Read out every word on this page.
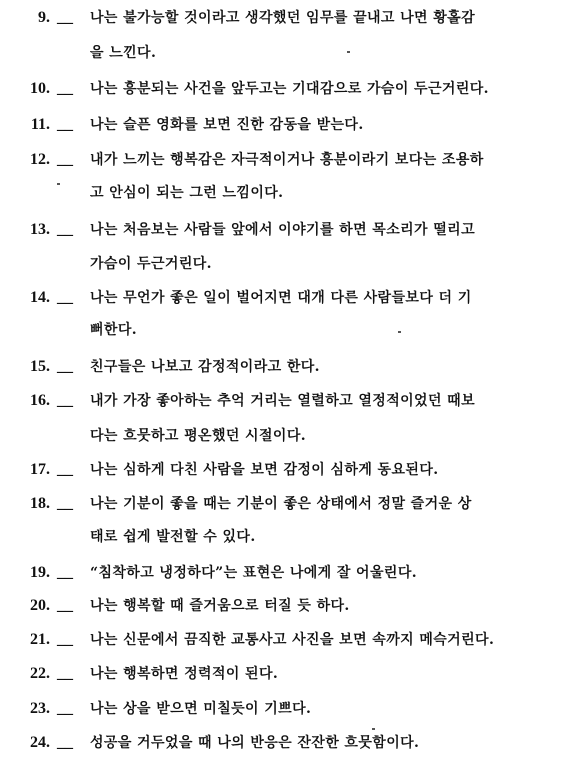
9. __ 나는 불가능할 것이라고 생각했던 임무를 끝내고 나면 황홀감
을 느낀다.
10. __ 나는 흥분되는 사건을 앞두고는 기대감으로 가슴이 두근거린다.
11. __ 나는 슬픈 영화를 보면 진한 감동을 받는다.
12. __ 내가 느끼는 행복감은 자극적이거나 흥분이라기 보다는 조용하
고 안심이 되는 그런 느낌이다.
13. __ 나는 처음보는 사람들 앞에서 이야기를 하면 목소리가 떨리고
가슴이 두근거린다.
14. __ 나는 무언가 좋은 일이 벌어지면 대개 다른 사람들보다 더 기
뻐한다.
15. __ 친구들은 나보고 감정적이라고 한다.
16. __ 내가 가장 좋아하는 추억 거리는 열렬하고 열정적이었던 때보
다는 흐뭇하고 평온했던 시절이다.
17. __ 나는 심하게 다친 사람을 보면 감정이 심하게 동요된다.
18. __ 나는 기분이 좋을 때는 기분이 좋은 상태에서 정말 즐거운 상
태로 쉽게 발전할 수 있다.
19. __ “침착하고 냉정하다”는 표현은 나에게 잘 어울린다.
20. __ 나는 행복할 때 즐거움으로 터질 듯 하다.
21. __ 나는 신문에서 끔직한 교통사고 사진을 보면 속까지 메슥거린다.
22. __ 나는 행복하면 정력적이 된다.
23. __ 나는 상을 받으면 미칠듯이 기쁘다.
24. __ 성공을 거두었을 때 나의 반응은 잔잔한 흐뭇함이다.
